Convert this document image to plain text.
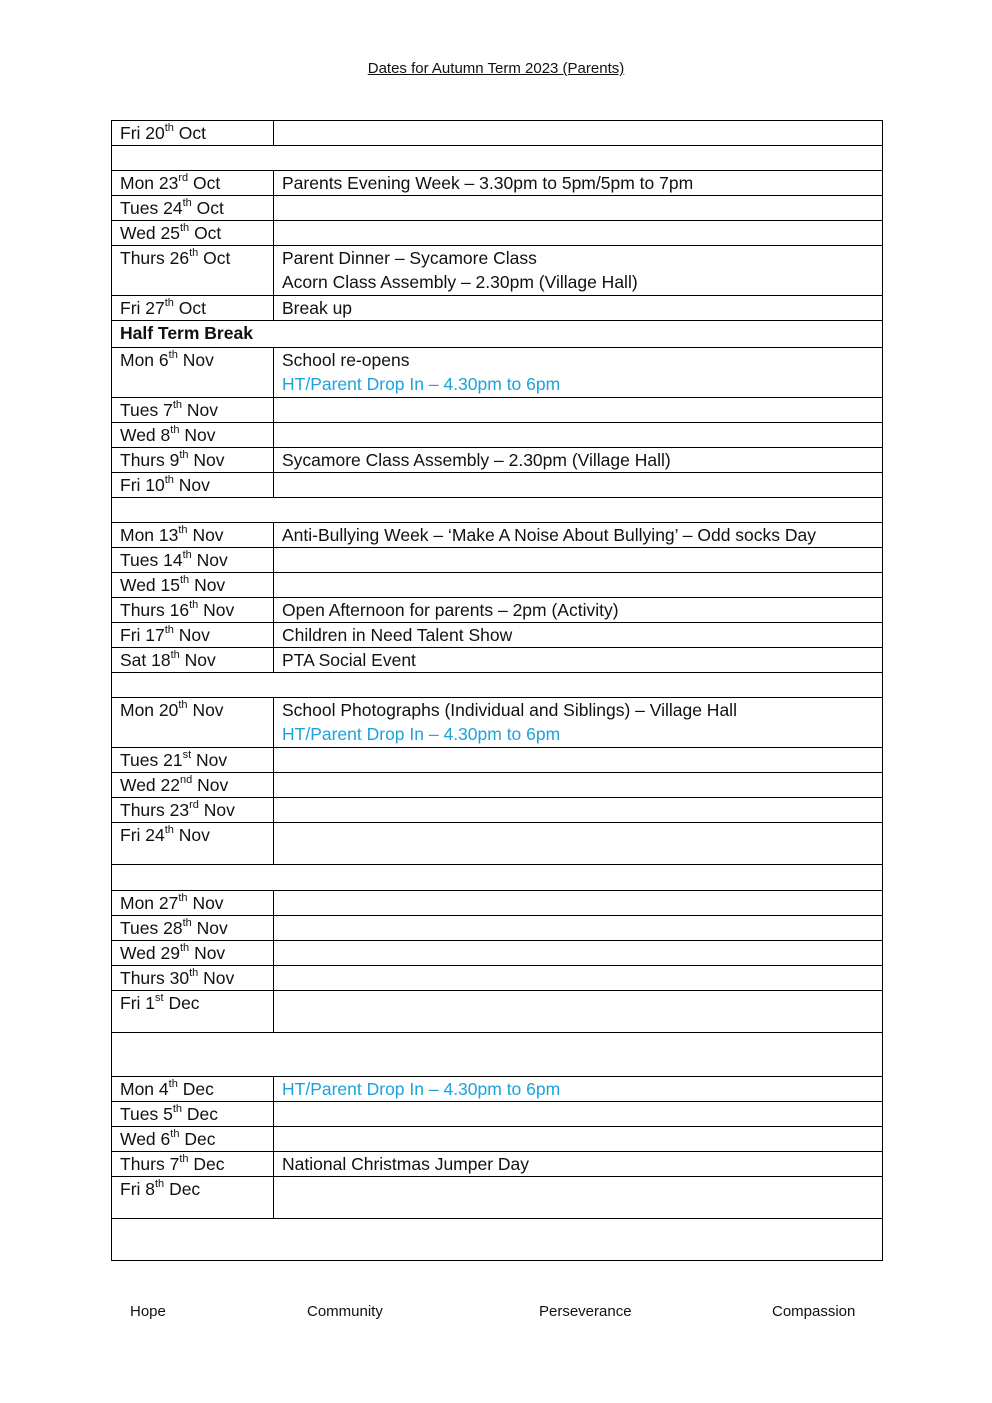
Dates for Autumn Term 2023 (Parents)
Fri 20th Oct	

Mon 23rd Oct	Parents Evening Week – 3.30pm to 5pm/5pm to 7pm

Tues 24th Oct	
Wed 25th Oct	
Thurs 26th Oct	Parent Dinner – Sycamore Class
Acorn Class Assembly – 2.30pm (Village Hall)

Fri 27th Oct	Break up

Half Term Break	
Mon 6th Nov	School re-opens
HT/Parent Drop In – 4.30pm to 6pm

Tues 7th Nov	
Wed 8th Nov	
Thurs 9th Nov	Sycamore Class Assembly – 2.30pm (Village Hall)

Fri 10th Nov	

Mon 13th Nov	Anti-Bullying Week – ‘Make A Noise About Bullying’ – Odd socks Day

Tues 14th Nov	
Wed 15th Nov	
Thurs 16th Nov	Open Afternoon for parents – 2pm (Activity)

Fri 17th Nov	Children in Need Talent Show

Sat 18th Nov	PTA Social Event

Mon 20th Nov	School Photographs (Individual and Siblings) – Village Hall
HT/Parent Drop In – 4.30pm to 6pm

Tues 21st Nov	
Wed 22nd Nov	
Thurs 23rd Nov	
Fri 24th Nov	

Mon 27th Nov	
Tues 28th Nov	
Wed 29th Nov	
Thurs 30th Nov	
Fri 1st Dec	

Mon 4th Dec	HT/Parent Drop In – 4.30pm to 6pm

Tues 5th Dec	
Wed 6th Dec	
Thurs 7th Dec	National Christmas Jumper Day

Fri 8th Dec	

Hope	Community	Perseverance	Compassion
